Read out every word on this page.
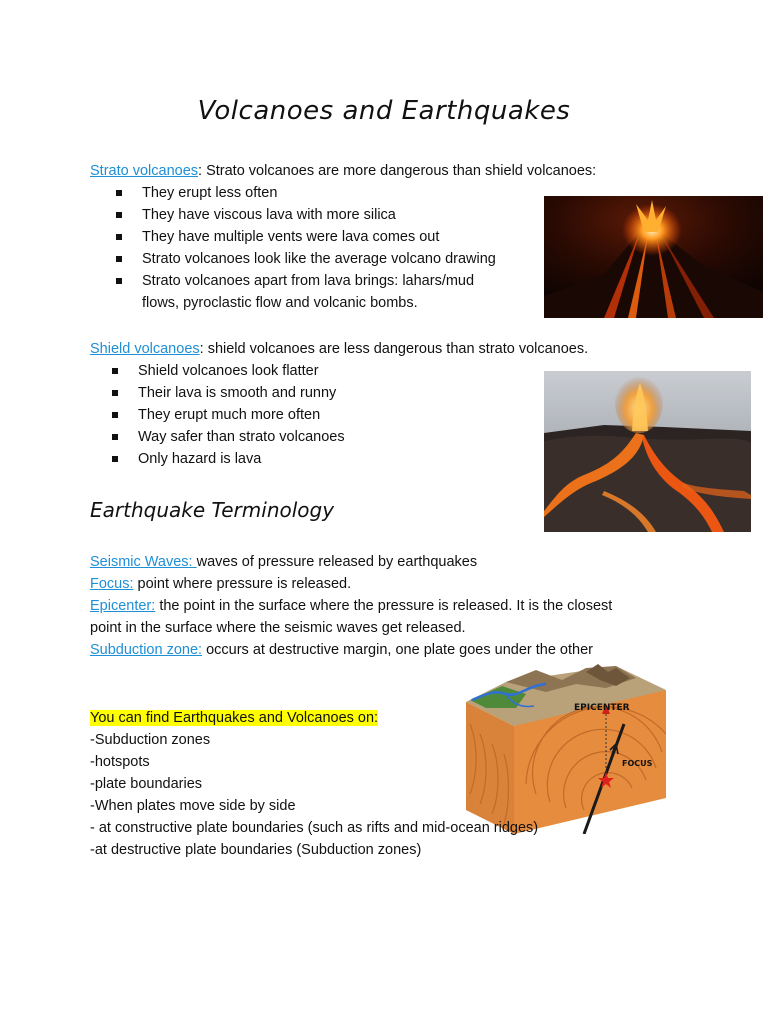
Volcanoes and Earthquakes
Strato volcanoes: Strato volcanoes are more dangerous than shield volcanoes:
They erupt less often
They have viscous lava with more silica
They have multiple vents were lava comes out
Strato volcanoes look like the average volcano drawing
Strato volcanoes apart from lava brings: lahars/mud
flows, pyroclastic flow and volcanic bombs.
Shield volcanoes: shield volcanoes are less dangerous than strato volcanoes.
Shield volcanoes look flatter
Their lava is smooth and runny
They erupt much more often
Way safer than strato volcanoes
Only hazard is lava
Earthquake Terminology
Seismic Waves: waves of pressure released by earthquakes
Focus: point where pressure is released.
Epicenter: the point in the surface where the pressure is released. It is the closest
point in the surface where the seismic waves get released.
Subduction zone: occurs at destructive margin, one plate goes under the other
EPICENTER
FOCUS
You can find Earthquakes and Volcanoes on:
-Subduction zones
-hotspots
-plate boundaries
-When plates move side by side
- at constructive plate boundaries (such as rifts and mid-ocean ridges)
-at destructive plate boundaries (Subduction zones)
